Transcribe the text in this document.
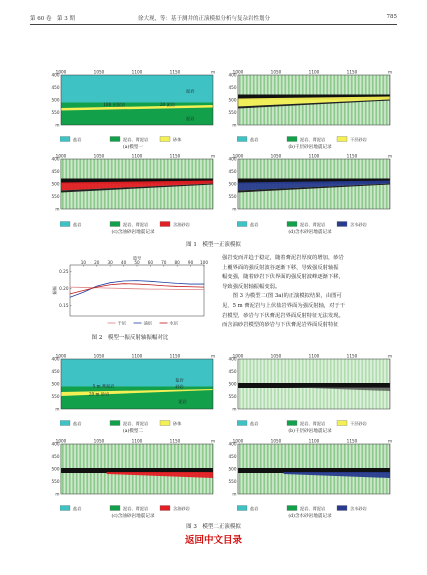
第 60 卷　第 3 期	徐大现，等：基于测井的正演模拟分析与复杂岩性划分	785
泥岩
100 层泥岩	20 泥岩
泥岩
1000	1050	1100	1150	m
400
450
500
550
m
1000	1050	1100	1150	m
400
450
500
550
m
1000	1050	1100	1150	m
400
450
500
550
m
1000	1050	1100	1150	m
400
450
500
550
m
盐岩	泥岩、膏泥岩	砂体	盐岩	泥岩、膏泥岩	干层砂岩
盐岩	泥岩、膏泥岩	含油砂岩	盐岩	泥岩、膏泥岩	含水砂岩
(a)模型一	(b)干层砂岩地震记录
(c)含油砂岩地震记录	(d)含水砂岩地震记录
图 1　模型一正演模拟
道号
10 20 30 40 50 60 70 80 90 100
0.25
0.20
0.15
振幅
干层	油层	水层
图 2　模型一振反射轴振幅对比
强岩变而并趋于稳定，随着膏泥岩厚度的增加，砂岩
上覆界面的强反射波谷逐渐下移，导致强反射轴振
幅变强，随着砂岩下伏界面的强反射波峰逐渐下移，
导致强反射轴振幅变弱。
　　图 3 为模型二(图 3a)的正演模拟结果，由图可
见，5 m 膏泥岩与上伏盐岩界面为强反射轴，对于干
岩模型，砂岩与下伏膏泥岩界面反射特征无法发现。
而含油砂岩模型的砂岩与下伏膏泥岩界面反射特征
盐岩
5 m 膏泥岩
20 m 砂岩
泥岩
砂岩
1000	1050	1100	1150	m
400
450
500
550
m
1000	1050	1100	1150	m
400
450
500
550
m
1000	1050	1100	1150	m
400
450
500
550
m
1000	1050	1100	1150	m
400
450
500
550
m
盐岩	泥岩、膏泥岩	砂体	盐岩	泥岩、膏泥岩	干层砂岩
盐岩	泥岩、膏泥岩	含油砂岩	盐岩	泥岩、膏泥岩	含水砂岩
(a)模型二	(b)干层砂岩地震记录
(c)含油砂岩地震记录	(d)含水砂岩地震记录
图 3　模型二正演模拟
返回中文目录
